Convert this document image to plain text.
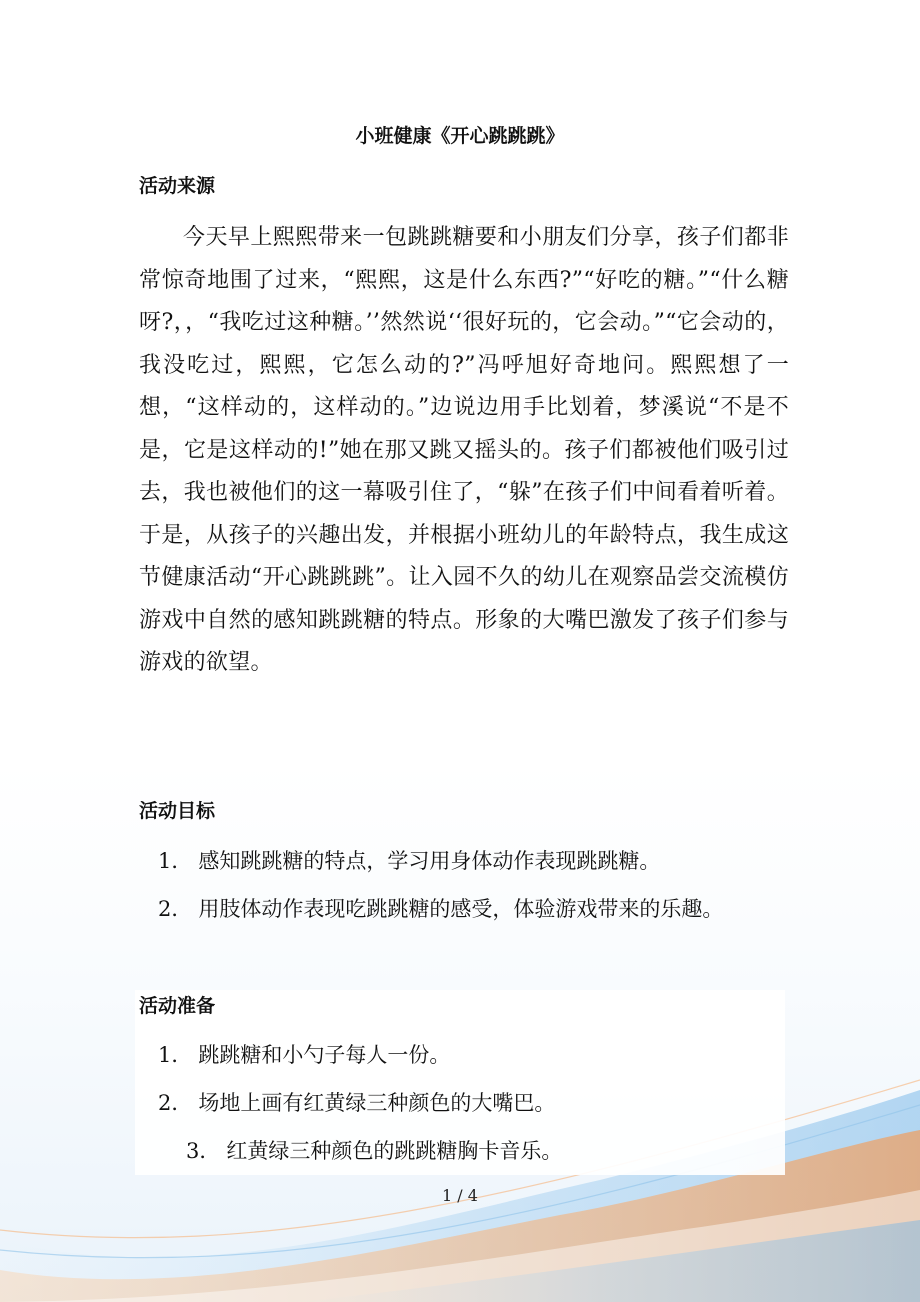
小班健康《开心跳跳跳》
活动来源

今天早上熙熙带来一包跳跳糖要和小朋友们分享，孩子们都非常惊奇地围了过来，“熙熙，这是什么东西?”“好吃的糖。”“什么糖呀?，，“我吃过这种糖。’’然然说‘‘很好玩的，它会动。”“它会动的，我没吃过，熙熙，它怎么动的?”冯呼旭好奇地问。熙熙想了一想，“这样动的，这样动的。”边说边用手比划着，梦溪说“不是不是，它是这样动的!”她在那又跳又摇头的。孩子们都被他们吸引过去，我也被他们的这一幕吸引住了，“躲”在孩子们中间看着听着。于是，从孩子的兴趣出发，并根据小班幼儿的年龄特点，我生成这节健康活动“开心跳跳跳”。让入园不久的幼儿在观察品尝交流模仿游戏中自然的感知跳跳糖的特点。形象的大嘴巴激发了孩子们参与游戏的欲望。

活动目标
1． 感知跳跳糖的特点，学习用身体动作表现跳跳糖。
2． 用肢体动作表现吃跳跳糖的感受，体验游戏带来的乐趣。
活动准备
1． 跳跳糖和小勺子每人一份。
2． 场地上画有红黄绿三种颜色的大嘴巴。
3． 红黄绿三种颜色的跳跳糖胸卡音乐。
1 / 4
